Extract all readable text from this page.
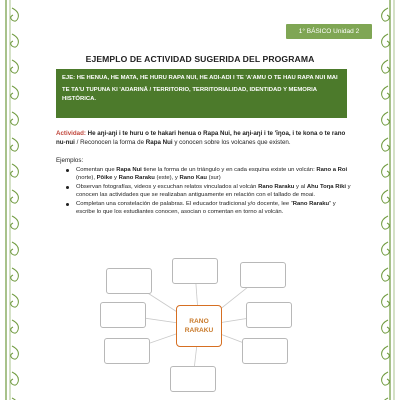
1° BÁSICO Unidad 2
EJEMPLO DE ACTIVIDAD SUGERIDA DEL PROGRAMA
EJE: HE HENUA, HE MATA, HE HURU RAPA NUI, HE AŊI-AŊI I TE 'A'AMU O TE HAU RAPA NUI MAI
TE TA'U TUPUNA KI 'AŊARINĀ / TERRITORIO, TERRITORIALIDAD, IDENTIDAD Y MEMORIA HISTÓRICA.
Actividad: He aŋi-aŋi i te huru o te hakari henua o Rapa Nui, he aŋi-aŋi i te 'īŋoa, i te kona o te rano nu-nui / Reconocen la forma de Rapa Nui y conocen sobre los volcanes que existen.
Ejemplos:
Comentan que Rapa Nui tiene la forma de un triángulo y en cada esquina existe un volcán: Rano a Roi (norte), Pōike y Rano Raraku (este), y Rano Kau (sur)
Observan fotografías, videos y escuchan relatos vinculados al volcán Rano Raraku y al Ahu Toŋa Riki y conocen las actividades que se realizaban antiguamente en relación con el tallado de moai.
Completan una constelación de palabras. El educador tradicional y/o docente, lee “Rano Raraku” y escribe lo que los estudiantes conocen, asocian o comentan en torno al volcán.
RANO
RARAKU
